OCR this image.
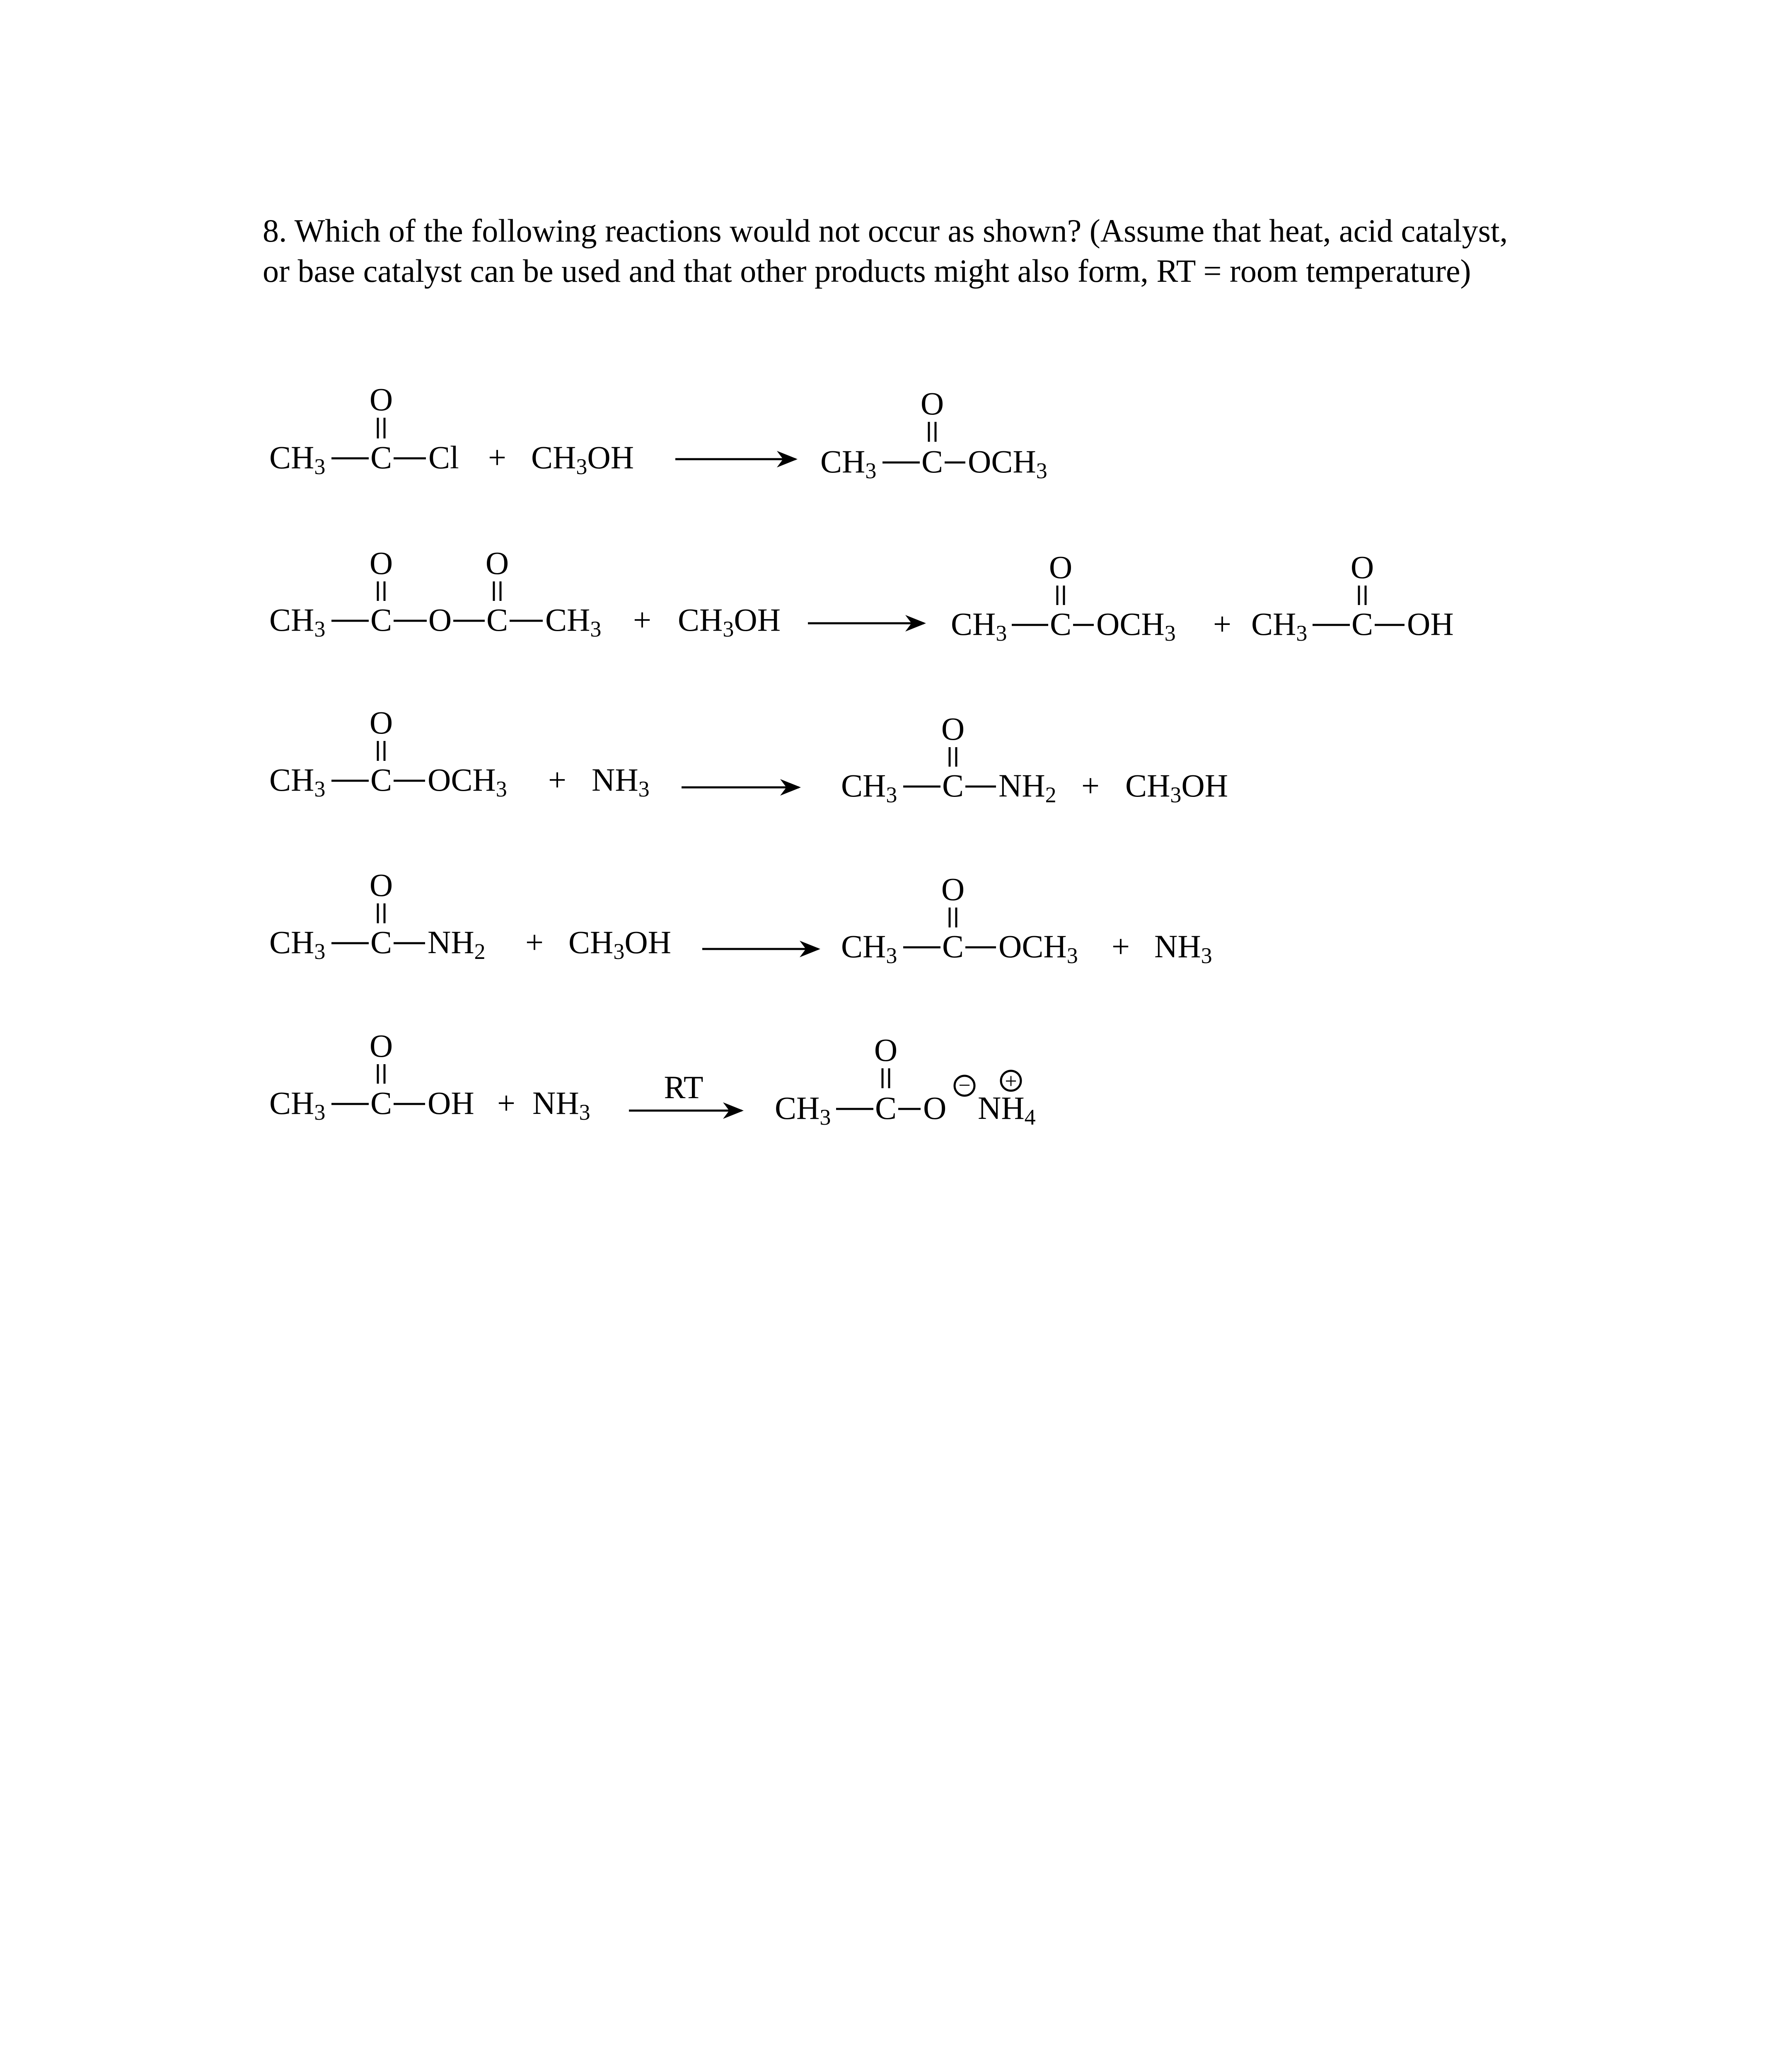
8. Which of the following reactions would not occur as shown? (Assume that heat, acid catalyst, or base catalyst can be used and that other products might also form, RT = room temperature)

O
CH3 C Cl + CH3OH
O
CH3 C OCH3
O	O
CH3 C O C CH3 + CH3OH
O
CH3 C OCH3 +
O
CH3 C OH
O
CH3 C OCH3 + NH3
O
CH3 C NH2 + CH3OH
O
CH3 C NH2 + CH3OH
O
CH3 C OCH3 + NH3
O
CH3 C OH + NH3
RT
O
CH3 C O
−
NH4
+
